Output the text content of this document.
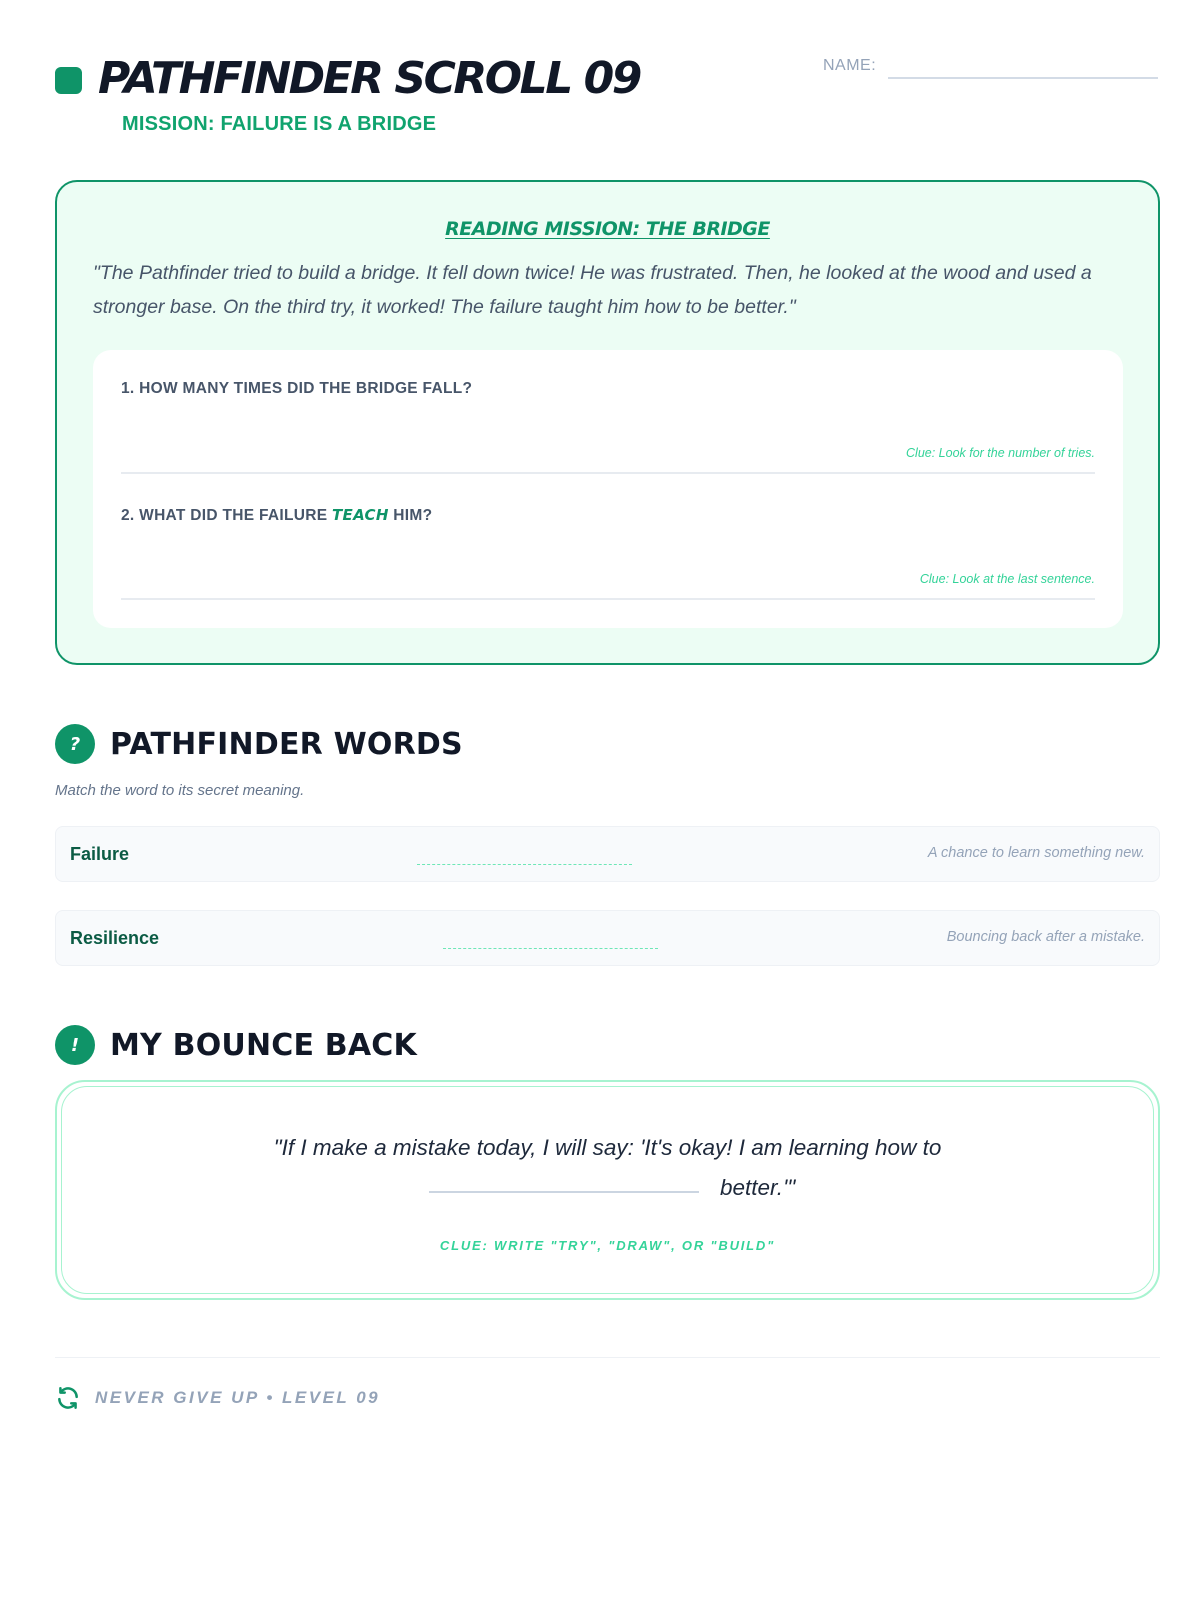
PATHFINDER SCROLL 09
MISSION: FAILURE IS A BRIDGE
NAME:
READING MISSION: THE BRIDGE
"The Pathfinder tried to build a bridge. It fell down twice! He was frustrated. Then, he looked at the wood and used a stronger base. On the third try, it worked! The failure taught him how to be better."
1. HOW MANY TIMES DID THE BRIDGE FALL?
Clue: Look for the number of tries.
2. WHAT DID THE FAILURE TEACH HIM?
Clue: Look at the last sentence.
? PATHFINDER WORDS
Match the word to its secret meaning.
Failure	A chance to learn something new.
Resilience	Bouncing back after a mistake.
!	MY BOUNCE BACK
"If I make a mistake today, I will say: 'It's okay! I am learning how to
better.'"
CLUE: WRITE "TRY", "DRAW", OR "BUILD"
NEVER GIVE UP • LEVEL 09
